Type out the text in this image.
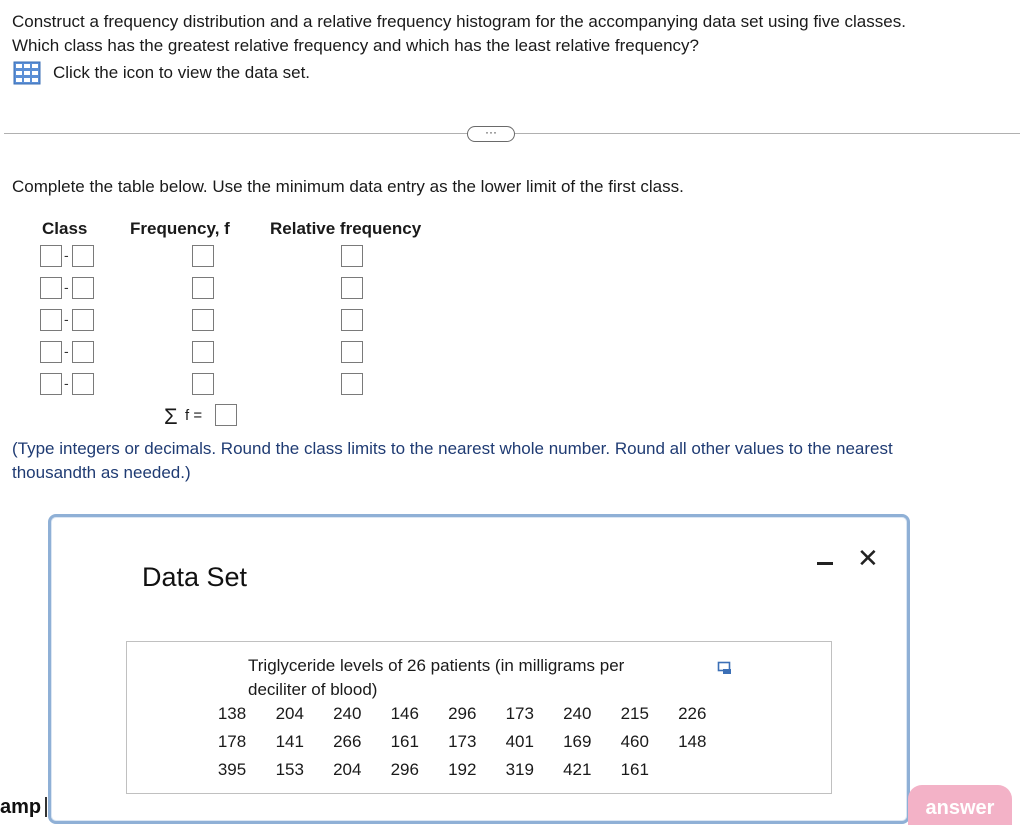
Construct a frequency distribution and a relative frequency histogram for the accompanying data set using five classes.

Which class has the greatest relative frequency and which has the least relative frequency?

Click the icon to view the data set.
···
Complete the table below. Use the minimum data entry as the lower limit of the first class.
Class	Frequency, f Relative frequency
-
-
-
-
-
Σ f =
(Type integers or decimals. Round the class limits to the nearest whole number. Round all other values to the nearest
thousandth as needed.)
Data Set
✕
Triglyceride levels of 26 patients (in milligrams per
deciliter of blood)
138	204	240	146	296	173	240	215	226
178	141	266	161	173	401	169	460	148
395	153	204	296	192	319	421	161
amp	answer
